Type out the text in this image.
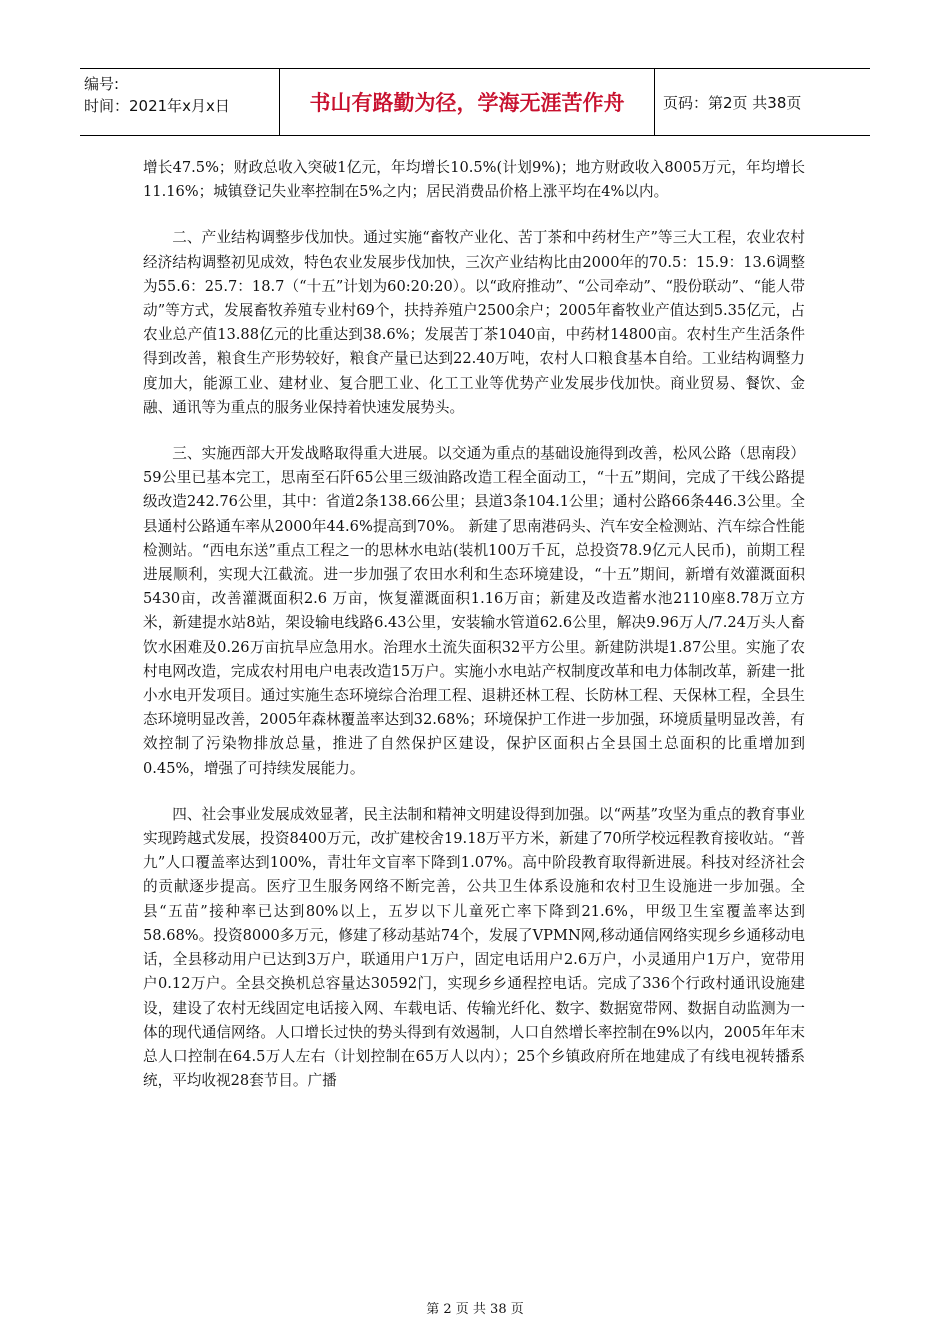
编号:
时间：2021年x月x日	书山有路勤为径，学海无涯苦作舟	页码：第2页 共38页

增长47.5%；财政总收入突破1亿元，年均增长10.5%(计划9%)；地方财政收入8005万元，年均增长11.16%；城镇登记失业率控制在5%之内；居民消费品价格上涨平均在4%以内。

二、产业结构调整步伐加快。通过实施“畜牧产业化、苦丁茶和中药材生产”等三大工程，农业农村经济结构调整初见成效，特色农业发展步伐加快，三次产业结构比由2000年的70.5：15.9：13.6调整为55.6：25.7：18.7（“十五”计划为60:20:20）。以“政府推动”、“公司牵动”、“股份联动”、“能人带动”等方式，发展畜牧养殖专业村69个，扶持养殖户2500余户；2005年畜牧业产值达到5.35亿元，占农业总产值13.88亿元的比重达到38.6%；发展苦丁茶1040亩，中药材14800亩。农村生产生活条件得到改善，粮食生产形势较好，粮食产量已达到22.40万吨，农村人口粮食基本自给。工业结构调整力度加大，能源工业、建材业、复合肥工业、化工工业等优势产业发展步伐加快。商业贸易、餐饮、金融、通讯等为重点的服务业保持着快速发展势头。

三、实施西部大开发战略取得重大进展。以交通为重点的基础设施得到改善，松风公路（思南段）59公里已基本完工，思南至石阡65公里三级油路改造工程全面动工，“十五”期间，完成了干线公路提级改造242.76公里，其中：省道2条138.66公里；县道3条104.1公里；通村公路66条446.3公里。全县通村公路通车率从2000年44.6%提高到70%。 新建了思南港码头、汽车安全检测站、汽车综合性能检测站。“西电东送”重点工程之一的思林水电站(装机100万千瓦，总投资78.9亿元人民币)，前期工程进展顺利，实现大江截流。进一步加强了农田水利和生态环境建设，“十五”期间，新增有效灌溉面积5430亩，改善灌溉面积2.6 万亩，恢复灌溉面积1.16万亩；新建及改造蓄水池2110座8.78万立方米，新建提水站8站，架设输电线路6.43公里，安装输水管道62.6公里，解决9.96万人/7.24万头人畜饮水困难及0.26万亩抗旱应急用水。治理水土流失面积32平方公里。新建防洪堤1.87公里。实施了农村电网改造，完成农村用电户电表改造15万户。实施小水电站产权制度改革和电力体制改革，新建一批小水电开发项目。通过实施生态环境综合治理工程、退耕还林工程、长防林工程、天保林工程，全县生态环境明显改善，2005年森林覆盖率达到32.68%；环境保护工作进一步加强，环境质量明显改善，有效控制了污染物排放总量，推进了自然保护区建设，保护区面积占全县国土总面积的比重增加到0.45%，增强了可持续发展能力。

四、社会事业发展成效显著，民主法制和精神文明建设得到加强。以“两基”攻坚为重点的教育事业实现跨越式发展，投资8400万元，改扩建校舍19.18万平方米，新建了70所学校远程教育接收站。“普九”人口覆盖率达到100%，青壮年文盲率下降到1.07%。高中阶段教育取得新进展。科技对经济社会的贡献逐步提高。医疗卫生服务网络不断完善，公共卫生体系设施和农村卫生设施进一步加强。全县“五苗”接种率已达到80%以上，五岁以下儿童死亡率下降到21.6%，甲级卫生室覆盖率达到58.68%。投资8000多万元，修建了移动基站74个，发展了VPMN网,移动通信网络实现乡乡通移动电话，全县移动用户已达到3万户，联通用户1万户，固定电话用户2.6万户，小灵通用户1万户，宽带用户0.12万户。全县交换机总容量达30592门，实现乡乡通程控电话。完成了336个行政村通讯设施建设，建设了农村无线固定电话接入网、车载电话、传输光纤化、数字、数据宽带网、数据自动监测为一体的现代通信网络。人口增长过快的势头得到有效遏制，人口自然增长率控制在9%以内，2005年年末总人口控制在64.5万人左右（计划控制在65万人以内）；25个乡镇政府所在地建成了有线电视转播系统，平均收视28套节目。广播

第 2 页 共 38 页
